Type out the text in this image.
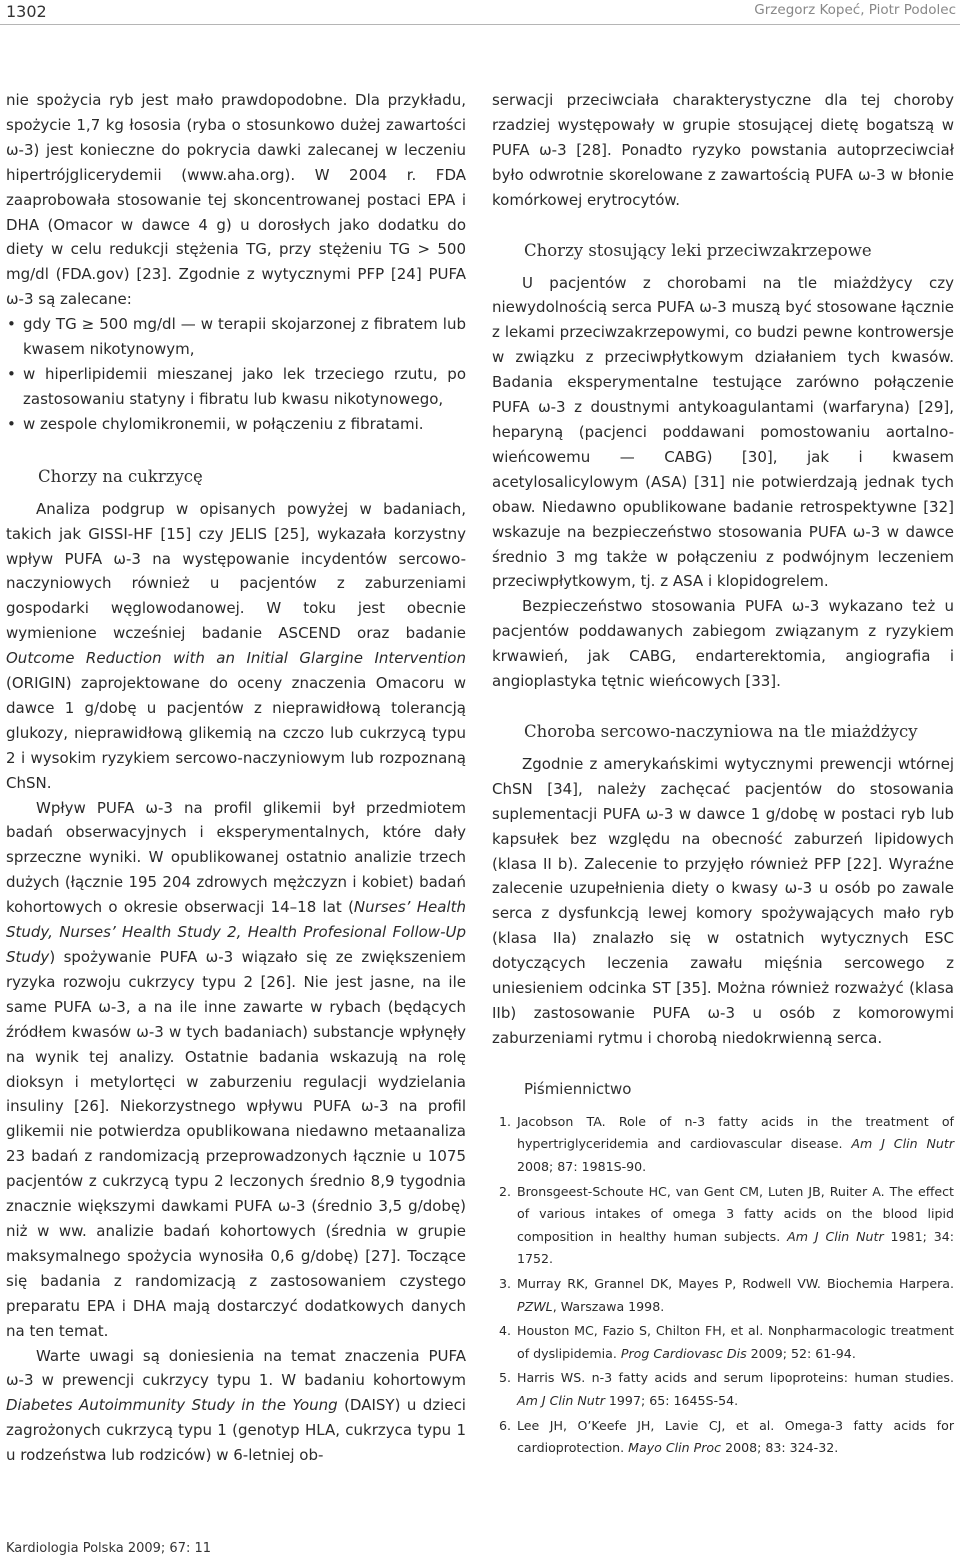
1302	Grzegorz Kopeć, Piotr Podolec

nie spożycia ryb jest mało prawdopodobne. Dla przykładu, spożycie 1,7 kg łososia (ryba o stosunkowo dużej zawartości ω-3) jest konieczne do pokrycia dawki zalecanej w leczeniu hipertrójglicerydemii (www.aha.org). W 2004 r. FDA zaaprobowała stosowanie tej skoncentrowanej postaci EPA i DHA (Omacor w dawce 4 g) u dorosłych jako dodatku do diety w celu redukcji stężenia TG, przy stężeniu TG > 500 mg/dl (FDA.gov) [23]. Zgodnie z wytycznymi PFP [24] PUFA ω-3 są zalecane:

• gdy TG ≥ 500 mg/dl — w terapii skojarzonej z fibratem lub kwasem nikotynowym,
• w hiperlipidemii mieszanej jako lek trzeciego rzutu, po zastosowaniu statyny i fibratu lub kwasu nikotynowego,
• w zespole chylomikronemii, w połączeniu z fibratami.
Chorzy na cukrzycę

Analiza podgrup w opisanych powyżej w badaniach, takich jak GISSI-HF [15] czy JELIS [25], wykazała korzystny wpływ PUFA ω-3 na występowanie incydentów sercowo-naczyniowych również u pacjentów z zaburzeniami gospodarki węglowodanowej. W toku jest obecnie wymienione wcześniej badanie ASCEND oraz badanie Outcome Reduction with an Initial Glargine Intervention (ORIGIN) zaprojektowane do oceny znaczenia Omacoru w dawce 1 g/dobę u pacjentów z nieprawidłową tolerancją glukozy, nieprawidłową glikemią na czczo lub cukrzycą typu 2 i wysokim ryzykiem sercowo-naczyniowym lub rozpoznaną ChSN.

Wpływ PUFA ω-3 na profil glikemii był przedmiotem badań obserwacyjnych i eksperymentalnych, które dały sprzeczne wyniki. W opublikowanej ostatnio analizie trzech dużych (łącznie 195 204 zdrowych mężczyzn i kobiet) badań kohortowych o okresie obserwacji 14–18 lat (Nurses’ Health Study, Nurses’ Health Study 2, Health Profesional Follow-Up Study) spożywanie PUFA ω-3 wiązało się ze zwiększeniem ryzyka rozwoju cukrzycy typu 2 [26]. Nie jest jasne, na ile same PUFA ω-3, a na ile inne zawarte w rybach (będących źródłem kwasów ω-3 w tych badaniach) substancje wpłynęły na wynik tej analizy. Ostatnie badania wskazują na rolę dioksyn i metylortęci w zaburzeniu regulacji wydzielania insuliny [26]. Niekorzystnego wpływu PUFA ω-3 na profil glikemii nie potwierdza opublikowana niedawno metaanaliza 23 badań z randomizacją przeprowadzonych łącznie u 1075 pacjentów z cukrzycą typu 2 leczonych średnio 8,9 tygodnia znacznie większymi dawkami PUFA ω-3 (średnio 3,5 g/dobę) niż w ww. analizie badań kohortowych (średnia w grupie maksymalnego spożycia wynosiła 0,6 g/dobę) [27]. Toczące się badania z randomizacją z zastosowaniem czystego preparatu EPA i DHA mają dostarczyć dodatkowych danych na ten temat.

Warte uwagi są doniesienia na temat znaczenia PUFA ω-3 w prewencji cukrzycy typu 1. W badaniu kohortowym Diabetes Autoimmunity Study in the Young (DAISY) u dzieci zagrożonych cukrzycą typu 1 (genotyp HLA, cukrzyca typu 1 u rodzeństwa lub rodziców) w 6-letniej ob-

serwacji przeciwciała charakterystyczne dla tej choroby rzadziej występowały w grupie stosującej dietę bogatszą w PUFA ω-3 [28]. Ponadto ryzyko powstania autoprzeciwciał było odwrotnie skorelowane z zawartością PUFA ω-3 w błonie komórkowej erytrocytów.

Chorzy stosujący leki przeciwzakrzepowe

U pacjentów z chorobami na tle miażdżycy czy niewydolnością serca PUFA ω-3 muszą być stosowane łącznie z lekami przeciwzakrzepowymi, co budzi pewne kontrowersje w związku z przeciwpłytkowym działaniem tych kwasów. Badania eksperymentalne testujące zarówno połączenie PUFA ω-3 z doustnymi antykoagulantami (warfaryna) [29], heparyną (pacjenci poddawani pomostowaniu aortalno-wieńcowemu — CABG) [30], jak i kwasem acetylosalicylowym (ASA) [31] nie potwierdzają jednak tych obaw. Niedawno opublikowane badanie retrospektywne [32] wskazuje na bezpieczeństwo stosowania PUFA ω-3 w dawce średnio 3 mg także w połączeniu z podwójnym leczeniem przeciwpłytkowym, tj. z ASA i klopidogrelem.

Bezpieczeństwo stosowania PUFA ω-3 wykazano też u pacjentów poddawanych zabiegom związanym z ryzykiem krwawień, jak CABG, endarterektomia, angiografia i angioplastyka tętnic wieńcowych [33].

Choroba sercowo-naczyniowa na tle miażdżycy

Zgodnie z amerykańskimi wytycznymi prewencji wtórnej ChSN [34], należy zachęcać pacjentów do stosowania suplementacji PUFA ω-3 w dawce 1 g/dobę w postaci ryb lub kapsułek bez względu na obecność zaburzeń lipidowych (klasa II b). Zalecenie to przyjęło również PFP [22]. Wyraźne zalecenie uzupełnienia diety o kwasy ω-3 u osób po zawale serca z dysfunkcją lewej komory spożywających mało ryb (klasa IIa) znalazło się w ostatnich wytycznych ESC dotyczących leczenia zawału mięśnia sercowego z uniesieniem odcinka ST [35]. Można również rozważyć (klasa IIb) zastosowanie PUFA ω-3 u osób z komorowymi zaburzeniami rytmu i chorobą niedokrwienną serca.

Piśmiennictwo
1. Jacobson TA. Role of n-3 fatty acids in the treatment of hypertriglyceridemia and cardiovascular disease. Am J Clin Nutr 2008; 87: 1981S-90.
2. Bronsgeest-Schoute HC, van Gent CM, Luten JB, Ruiter A. The effect of various intakes of omega 3 fatty acids on the blood lipid composition in healthy human subjects. Am J Clin Nutr 1981; 34: 1752.
3. Murray RK, Grannel DK, Mayes P, Rodwell VW. Biochemia Harpera. PZWL, Warszawa 1998.
4. Houston MC, Fazio S, Chilton FH, et al. Nonpharmacologic treatment of dyslipidemia. Prog Cardiovasc Dis 2009; 52: 61-94.
5. Harris WS. n-3 fatty acids and serum lipoproteins: human studies. Am J Clin Nutr 1997; 65: 1645S-54.
6. Lee JH, O’Keefe JH, Lavie CJ, et al. Omega-3 fatty acids for cardioprotection. Mayo Clin Proc 2008; 83: 324-32.
Kardiologia Polska 2009; 67: 11
